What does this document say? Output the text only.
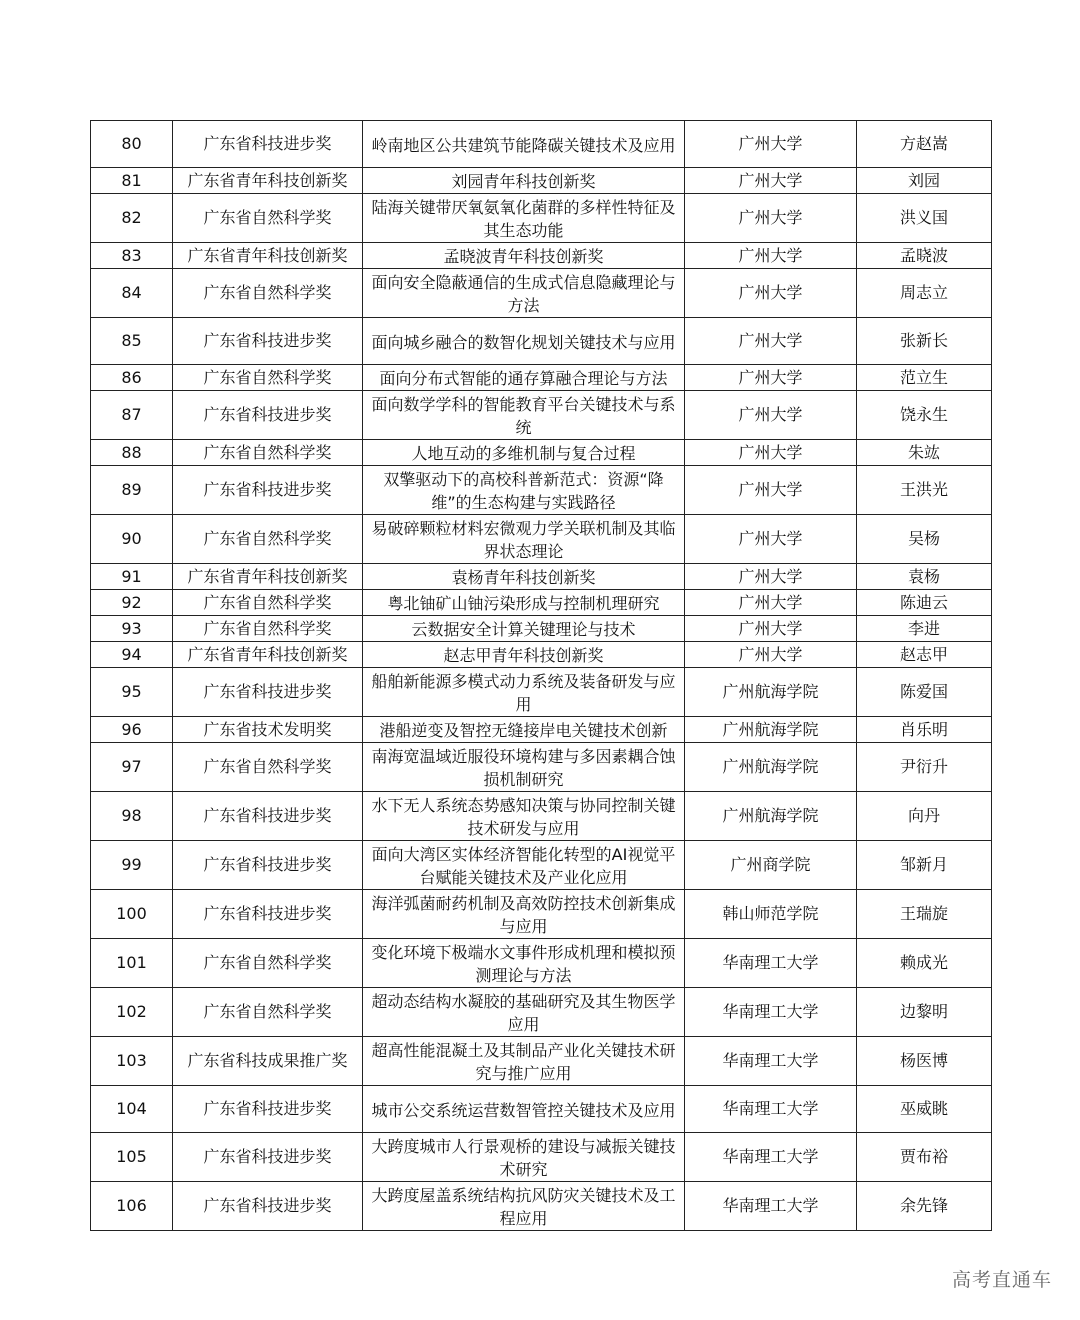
80	广东省科技进步奖	岭南地区公共建筑节能降碳关键技术及应用	广州大学	方赵嵩
81	广东省青年科技创新奖	刘园青年科技创新奖	广州大学	刘园
82	广东省自然科学奖	陆海关键带厌氧氨氧化菌群的多样性特征及其生态功能	广州大学	洪义国
83	广东省青年科技创新奖	孟晓波青年科技创新奖	广州大学	孟晓波
84	广东省自然科学奖	面向安全隐蔽通信的生成式信息隐藏理论与方法	广州大学	周志立
85	广东省科技进步奖	面向城乡融合的数智化规划关键技术与应用	广州大学	张新长
86	广东省自然科学奖	面向分布式智能的通存算融合理论与方法	广州大学	范立生
87	广东省科技进步奖	面向数学学科的智能教育平台关键技术与系统	广州大学	饶永生
88	广东省自然科学奖	人地互动的多维机制与复合过程	广州大学	朱竑
89	广东省科技进步奖	双擎驱动下的高校科普新范式：资源“降维”的生态构建与实践路径	广州大学	王洪光
90	广东省自然科学奖	易破碎颗粒材料宏微观力学关联机制及其临界状态理论	广州大学	吴杨
91	广东省青年科技创新奖	袁杨青年科技创新奖	广州大学	袁杨
92	广东省自然科学奖	粤北铀矿山铀污染形成与控制机理研究	广州大学	陈迪云
93	广东省自然科学奖	云数据安全计算关键理论与技术	广州大学	李进
94	广东省青年科技创新奖	赵志甲青年科技创新奖	广州大学	赵志甲
95	广东省科技进步奖	船舶新能源多模式动力系统及装备研发与应用	广州航海学院	陈爱国
96	广东省技术发明奖	港船逆变及智控无缝接岸电关键技术创新	广州航海学院	肖乐明
97	广东省自然科学奖	南海宽温域近服役环境构建与多因素耦合蚀损机制研究	广州航海学院	尹衍升
98	广东省科技进步奖	水下无人系统态势感知决策与协同控制关键技术研发与应用	广州航海学院	向丹
99	广东省科技进步奖	面向大湾区实体经济智能化转型的AI视觉平台赋能关键技术及产业化应用	广州商学院	邹新月
100	广东省科技进步奖	海洋弧菌耐药机制及高效防控技术创新集成与应用	韩山师范学院	王瑞旋
101	广东省自然科学奖	变化环境下极端水文事件形成机理和模拟预测理论与方法	华南理工大学	赖成光
102	广东省自然科学奖	超动态结构水凝胶的基础研究及其生物医学应用	华南理工大学	边黎明
103	广东省科技成果推广奖	超高性能混凝土及其制品产业化关键技术研究与推广应用	华南理工大学	杨医博
104	广东省科技进步奖	城市公交系统运营数智管控关键技术及应用	华南理工大学	巫威眺
105	广东省科技进步奖	大跨度城市人行景观桥的建设与减振关键技术研究	华南理工大学	贾布裕
106	广东省科技进步奖	大跨度屋盖系统结构抗风防灾关键技术及工程应用	华南理工大学	余先锋
高考直通车
